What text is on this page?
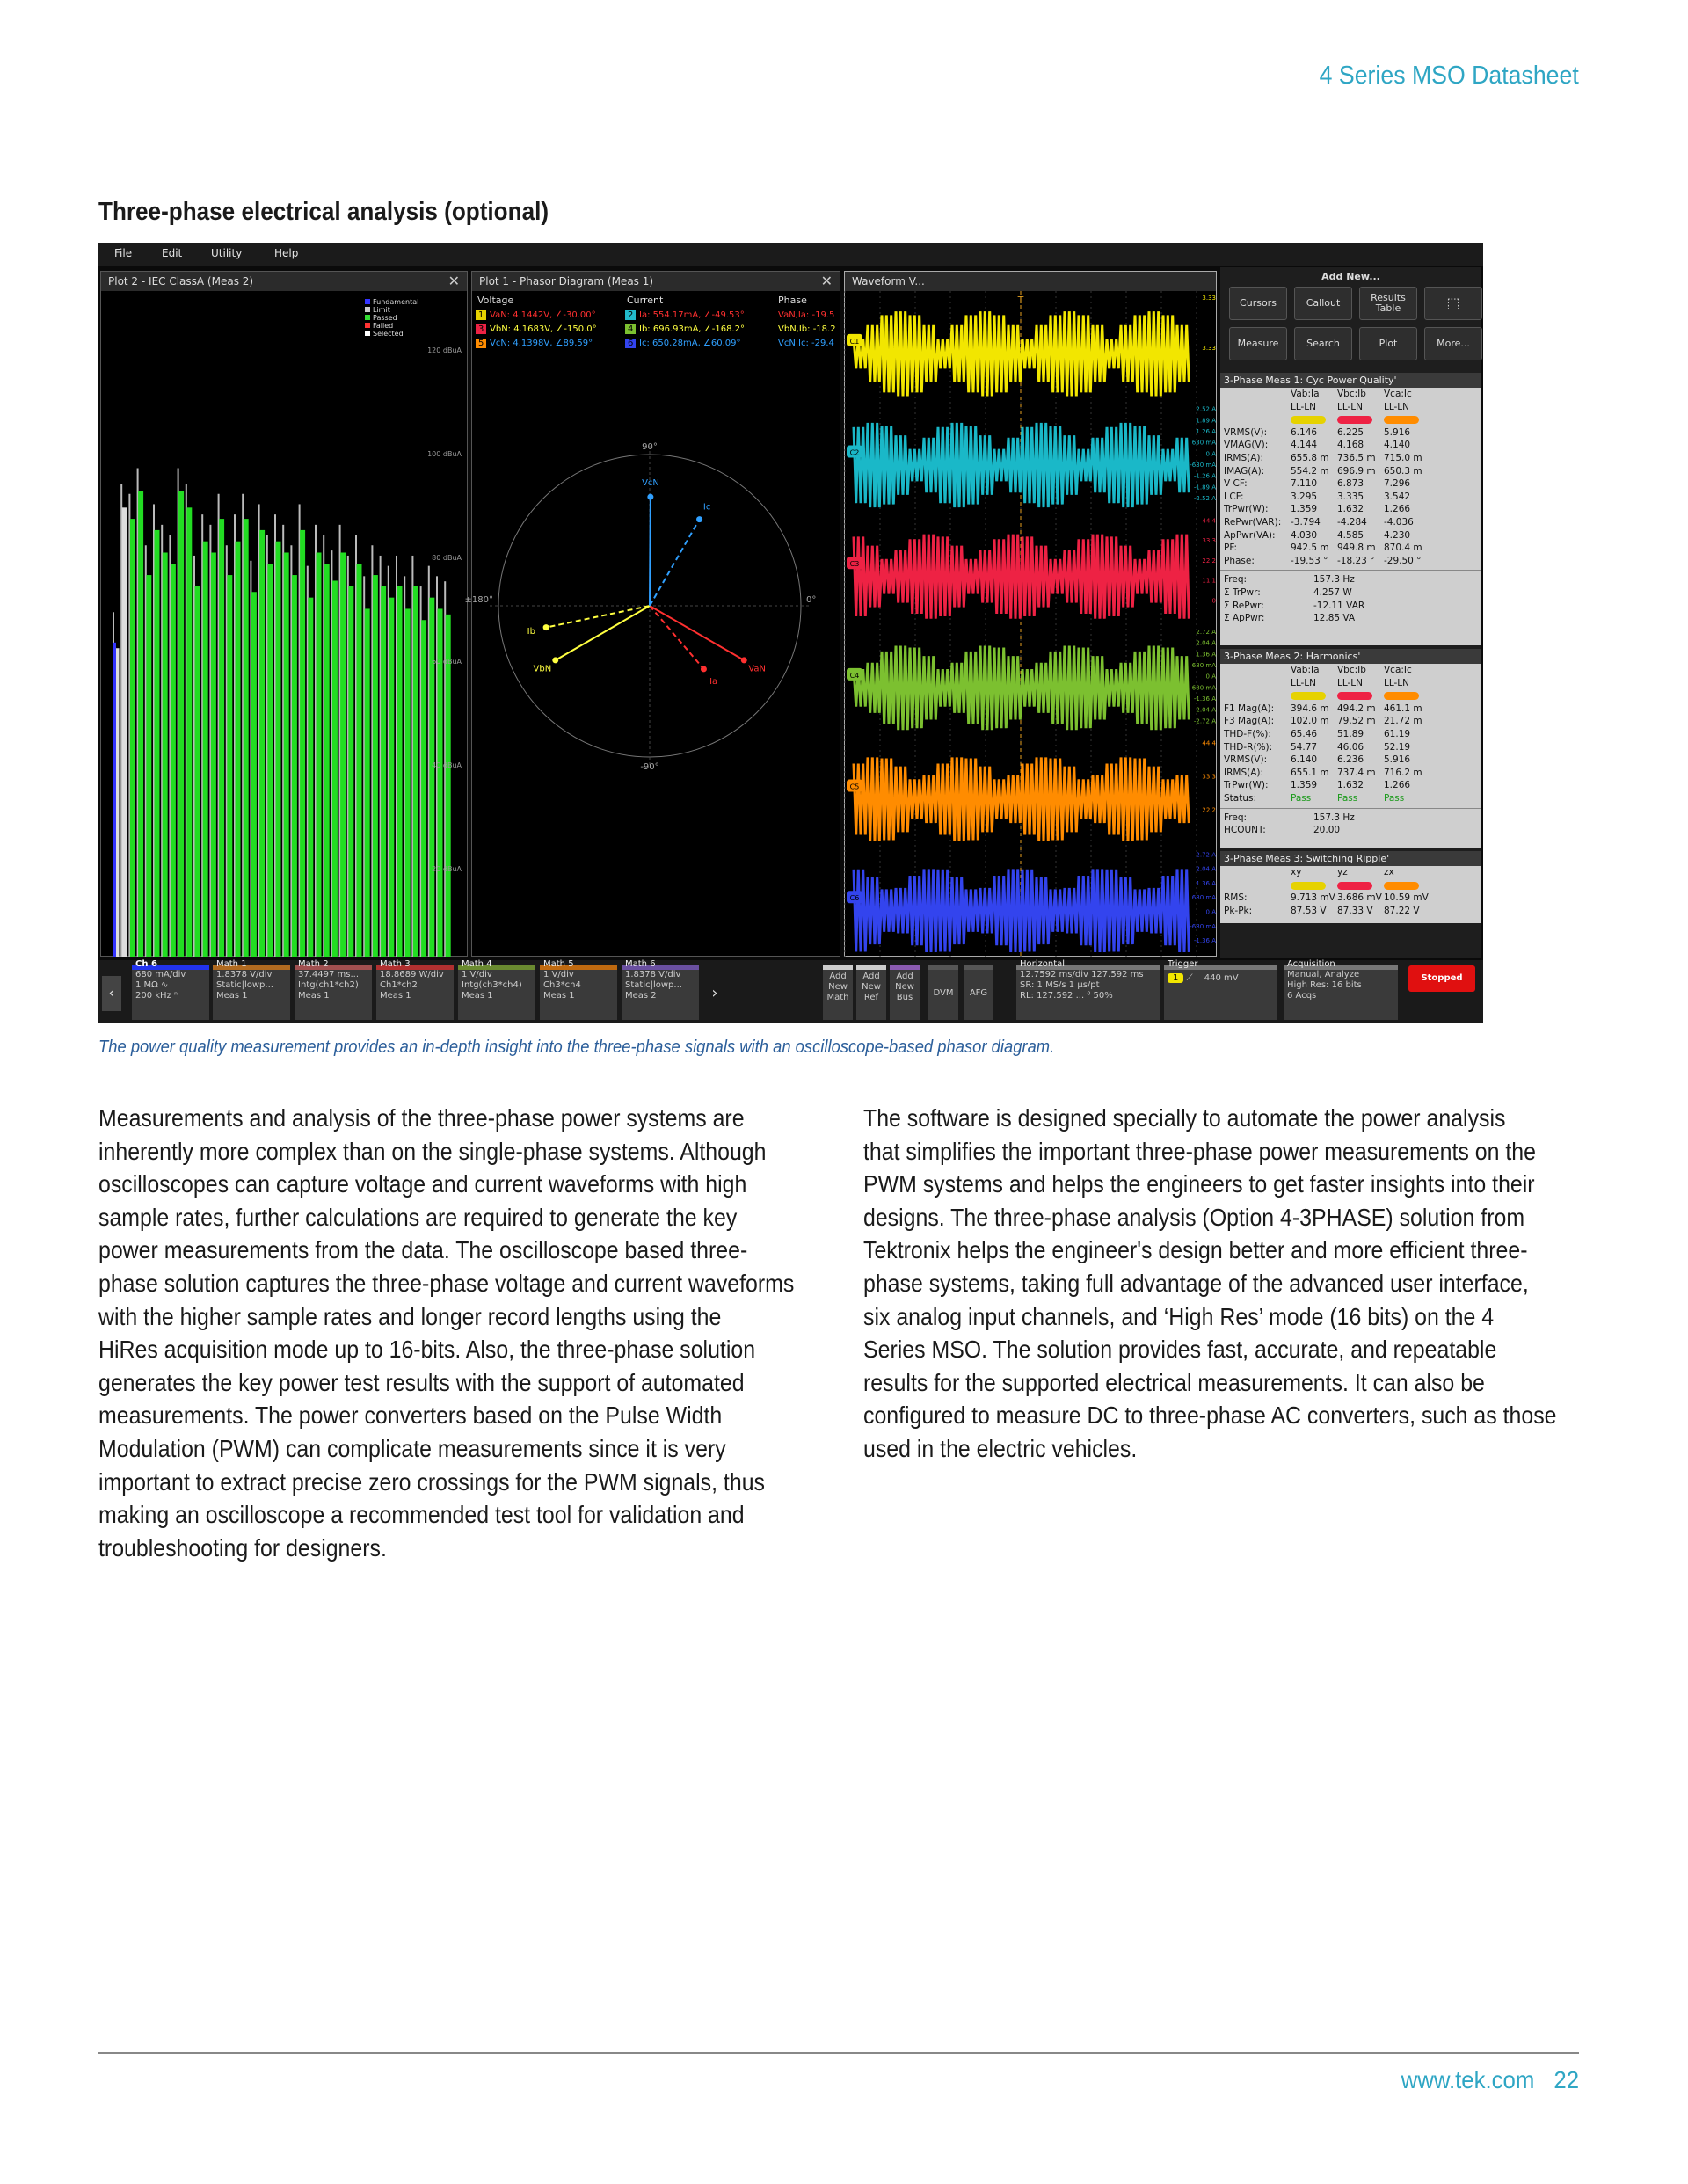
4 Series MSO Datasheet
Three-phase electrical analysis (optional)
File	Edit	Utility	Help
Plot 2 - IEC ClassA (Meas 2)	✕
120 dBuA
100 dBuA
80 dBuA
60 dBuA
40 dBuA
20 dBuA
Fundamental
Limit
Passed
Failed
Selected
Plot 1 - Phasor Diagram (Meas 1)	✕
Voltage	Current	Phase
1 VaN: 4.1442V, ∠-30.00°	2 Ia: 554.17mA, ∠-49.53°	VaN,Ia: -19.5
3 VbN: 4.1683V, ∠-150.0°	4 Ib: 696.93mA, ∠-168.2°	VbN,Ib: -18.2
5 VcN: 4.1398V, ∠89.59°	6 Ic: 650.28mA, ∠60.09°	VcN,Ic: -29.4
90°
0°
±180°
-90°
VaN
Ia
VbN
Ib
VcN
Ic
Waveform V...
T
C1
3.33
3.33
C2
2.52 A
1.89 A
1.26 A
630 mA
0 A
-630 mA
-1.26 A
-1.89 A
-2.52 A
C3
44.4
33.3
22.2
11.1
0
C4
2.72 A
2.04 A
1.36 A
680 mA
0 A
-680 mA
-1.36 A
-2.04 A
-2.72 A
C5
44.4
33.3
22.2
C6
2.72 A
2.04 A
1.36 A
680 mA
0 A
-680 mA
-1.36 A
Add New...
Cursors	Callout	Results Table	⬚
Measure	Search	Plot	More...
3-Phase Meas 1: Cyc Power Quality'
Vab:Ia	Vbc:Ib	Vca:Ic
LL-LN	LL-LN	LL-LN
VRMS(V):	6.146	6.225	5.916
VMAG(V):	4.144	4.168	4.140
IRMS(A):	655.8 m 736.5 m 715.0 m
IMAG(A):	554.2 m 696.9 m 650.3 m
V CF:	7.110	6.873	7.296
I CF:	3.295	3.335	3.542
TrPwr(W):	1.359	1.632	1.266
RePwr(VAR):	-3.794	-4.284	-4.036
ApPwr(VA):	4.030	4.585	4.230
PF:	942.5 m 949.8 m 870.4 m
Phase:	-19.53 °	-18.23 °	-29.50 °
Freq:	157.3 Hz
Σ TrPwr:	4.257 W
Σ RePwr:	-12.11 VAR
Σ ApPwr:	12.85 VA
3-Phase Meas 2: Harmonics'
Vab:Ia	Vbc:Ib	Vca:Ic
LL-LN	LL-LN	LL-LN
F1 Mag(A):	394.6 m 494.2 m 461.1 m
F3 Mag(A):	102.0 m 79.52 m 21.72 m
THD-F(%):	65.46	51.89	61.19
THD-R(%):	54.77	46.06	52.19
VRMS(V):	6.140	6.236	5.916
IRMS(A):	655.1 m 737.4 m 716.2 m
TrPwr(W):	1.359	1.632	1.266
Status:	Pass	Pass	Pass
Freq:	157.3 Hz
HCOUNT:	20.00
3-Phase Meas 3: Switching Ripple'
xy	yz	zx
RMS:	9.713 mV 3.686 mV 10.59 mV
Pk-Pk:	87.53 V	87.33 V	87.22 V
‹
Ch 6
680 mA/div
1 MΩ ∿
200 kHz ⁿ
Math 1
1.8378 V/div
Static|lowp...
Meas 1
Math 2
37.4497 ms...
Intg(ch1*ch2)
Meas 1
Math 3
18.8689 W/div
Ch1*ch2
Meas 1
Math 4
1 V/div
Intg(ch3*ch4)
Meas 1
Math 5
1 V/div
Ch3*ch4
Meas 1
Math 6
1.8378 V/div
Static|lowp...
Meas 2	›
Add New Math
Add New Ref
Add New Bus	DVM	AFG
Horizontal
12.7592 ms/div 127.592 ms
SR: 1 MS/s 1 µs/pt
RL: 127.592 ... ⁰ 50%
Trigger
1 ⟋ 440 mV
Acquisition
Manual, Analyze
High Res: 16 bits
6 Acqs
Stopped
The power quality measurement provides an in-depth insight into the three-phase signals with an oscilloscope-based phasor diagram.
Measurements and analysis of the three-phase power systems are
inherently more complex than on the single-phase systems. Although
oscilloscopes can capture voltage and current waveforms with high
sample rates, further calculations are required to generate the key
power measurements from the data. The oscilloscope based three-
phase solution captures the three-phase voltage and current waveforms
with the higher sample rates and longer record lengths using the
HiRes acquisition mode up to 16-bits. Also, the three-phase solution
generates the key power test results with the support of automated
measurements. The power converters based on the Pulse Width
Modulation (PWM) can complicate measurements since it is very
important to extract precise zero crossings for the PWM signals, thus
making an oscilloscope a recommended test tool for validation and
troubleshooting for designers.
The software is designed specially to automate the power analysis
that simplifies the important three-phase power measurements on the
PWM systems and helps the engineers to get faster insights into their
designs. The three-phase analysis (Option 4-3PHASE) solution from
Tektronix helps the engineer's design better and more efficient three-
phase systems, taking full advantage of the advanced user interface,
six analog input channels, and ‘High Res’ mode (16 bits) on the 4
Series MSO. The solution provides fast, accurate, and repeatable
results for the supported electrical measurements. It can also be
configured to measure DC to three-phase AC converters, such as those
used in the electric vehicles.
www.tek.com 22
